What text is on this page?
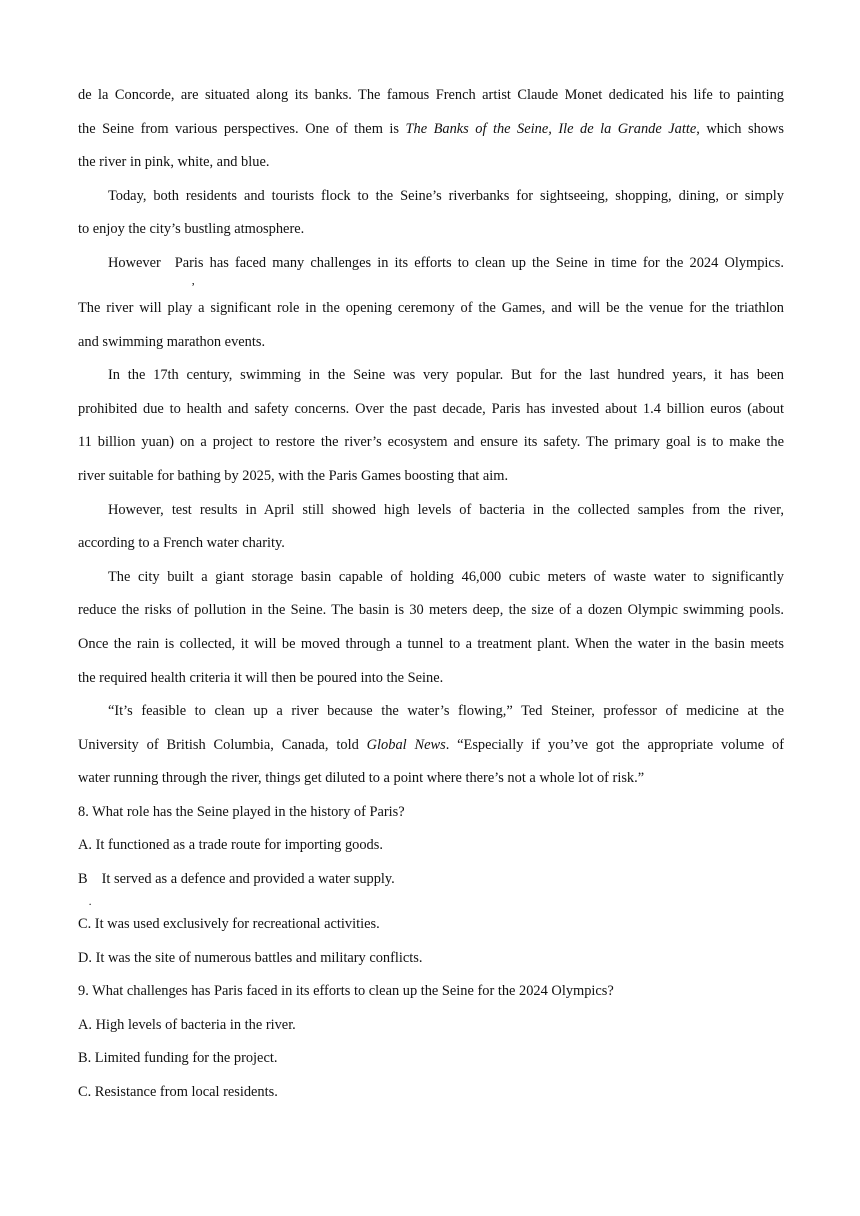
de la Concorde, are situated along its banks. The famous French artist Claude Monet dedicated his life to painting
the Seine from various perspectives. One of them is The Banks of the Seine, Ile de la Grande Jatte, which shows
the river in pink, white, and blue.
Today, both residents and tourists flock to the Seine’s riverbanks for sightseeing, shopping, dining, or simply
to enjoy the city’s bustling atmosphere.
However
,
Paris has faced many challenges in its efforts to clean up the Seine in time for the 2024 Olympics.
The river will play a significant role in the opening ceremony of the Games, and will be the venue for the triathlon
and swimming marathon events.
In the 17th century, swimming in the Seine was very popular. But for the last hundred years, it has been
prohibited due to health and safety concerns. Over the past decade, Paris has invested about 1.4 billion euros (about
11 billion yuan) on a project to restore the river’s ecosystem and ensure its safety. The primary goal is to make the
river suitable for bathing by 2025, with the Paris Games boosting that aim.
However, test results in April still showed high levels of bacteria in the collected samples from the river,
according to a French water charity.
The city built a giant storage basin capable of holding 46,000 cubic meters of waste water to significantly
reduce the risks of pollution in the Seine. The basin is 30 meters deep, the size of a dozen Olympic swimming pools.
Once the rain is collected, it will be moved through a tunnel to a treatment plant. When the water in the basin meets
the required health criteria it will then be poured into the Seine.
“It’s feasible to clean up a river because the water’s flowing,” Ted Steiner, professor of medicine at the
University of British Columbia, Canada, told Global News. “Especially if you’ve got the appropriate volume of
water running through the river, things get diluted to a point where there’s not a whole lot of risk.”
8. What role has the Seine played in the history of Paris?
A. It functioned as a trade route for importing goods.
B
.
It served as a defence and provided a water supply.
C. It was used exclusively for recreational activities.
D. It was the site of numerous battles and military conflicts.
9. What challenges has Paris faced in its efforts to clean up the Seine for the 2024 Olympics?
A. High levels of bacteria in the river.
B. Limited funding for the project.
C. Resistance from local residents.
